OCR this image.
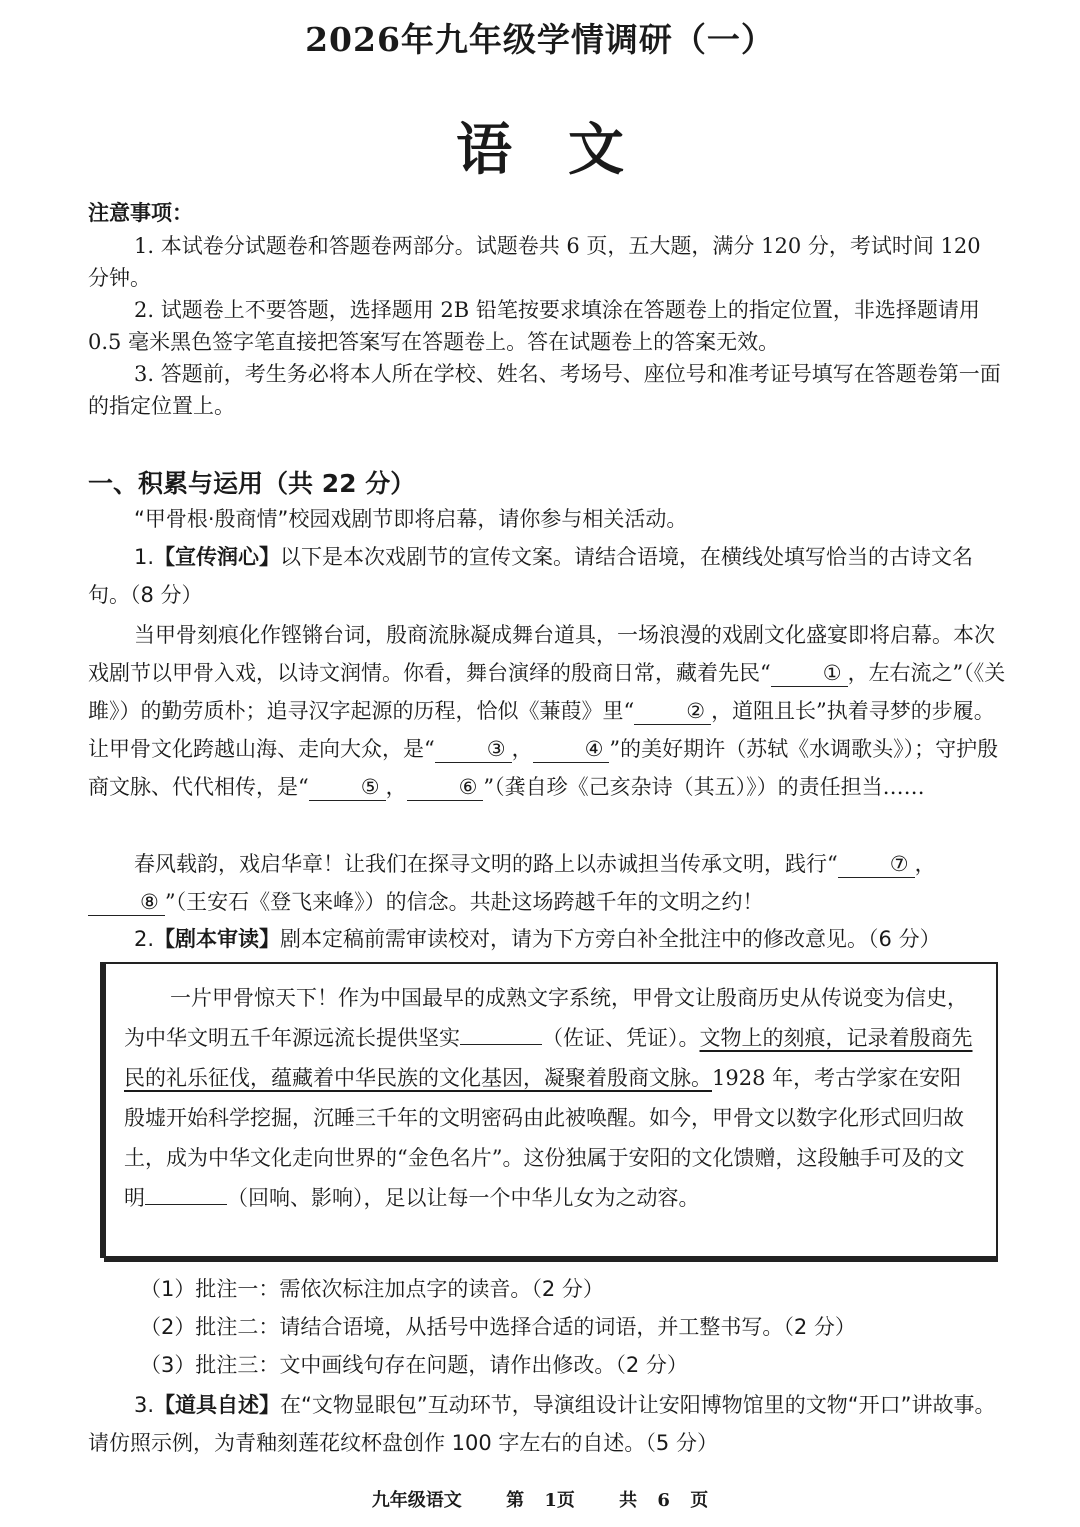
2026年九年级学情调研（一）
语　文
注意事项：

1. 本试卷分试题卷和答题卷两部分。试题卷共 6 页，五大题，满分 120 分，考试时间 120 分钟。

2. 试题卷上不要答题，选择题用 2B 铅笔按要求填涂在答题卷上的指定位置，非选择题请用 0.5 毫米黑色签字笔直接把答案写在答题卷上。答在试题卷上的答案无效。

3. 答题前，考生务必将本人所在学校、姓名、考场号、座位号和准考证号填写在答题卷第一面的指定位置上。

一、积累与运用（共 22 分）
“甲骨根·殷商情”校园戏剧节即将启幕，请你参与相关活动。
1.【宣传润心】以下是本次戏剧节的宣传文案。请结合语境，在横线处填写恰当的古诗文名句。（8 分）
当甲骨刻痕化作铿锵台词，殷商流脉凝成舞台道具，一场浪漫的戏剧文化盛宴即将启幕。本次戏剧节以甲骨入戏，以诗文润情。你看，舞台演绎的殷商日常，藏着先民“ ① ，左右流之”（《关雎》）的勤劳质朴；追寻汉字起源的历程，恰似《蒹葭》里“ ② ，道阻且长”执着寻梦的步履。让甲骨文化跨越山海、走向大众，是“ ③ ， ④ ”的美好期许（苏轼《水调歌头》）；守护殷商文脉、代代相传，是“ ⑤ ， ⑥ ”（龚自珍《己亥杂诗（其五）》）的责任担当……
春风载韵，戏启华章！让我们在探寻文明的路上以赤诚担当传承文明，践行“ ⑦ ，⑧ ”（王安石《登飞来峰》）的信念。共赴这场跨越千年的文明之约！
2.【剧本审读】剧本定稿前需审读校对，请为下方旁白补全批注中的修改意见。（6 分）

一片甲骨惊天下！作为中国最早的成熟文字系统，甲骨文让殷商历史从传说变为信史，为中华文明五千年源远流长提供坚实	（佐证、凭证）。文物上的刻痕，记录着殷商先民的礼乐征伐，蕴藏着中华民族的文化基因，凝聚着殷商文脉。1928 年，考古学家在安阳殷墟开始科学挖掘，沉睡三千年的文明密码由此被唤醒。如今，甲骨文以数字化形式回归故土，成为中华文化走向世界的“金色名片”。这份独属于安阳的文化馈赠，这段触手可及的文明	（回响、影响），足以让每一个中华儿女为之动容。

（1）批注一：需依次标注加点字的读音。（2 分）

（2）批注二：请结合语境，从括号中选择合适的词语，并工整书写。（2 分）

（3）批注三：文中画线句存在问题，请作出修改。（2 分）

3.【道具自述】在“文物显眼包”互动环节，导演组设计让安阳博物馆里的文物“开口”讲故事。请仿照示例，为青釉刻莲花纹杯盘创作 100 字左右的自述。（5 分）
九年级语文 第 1页 共 6 页
